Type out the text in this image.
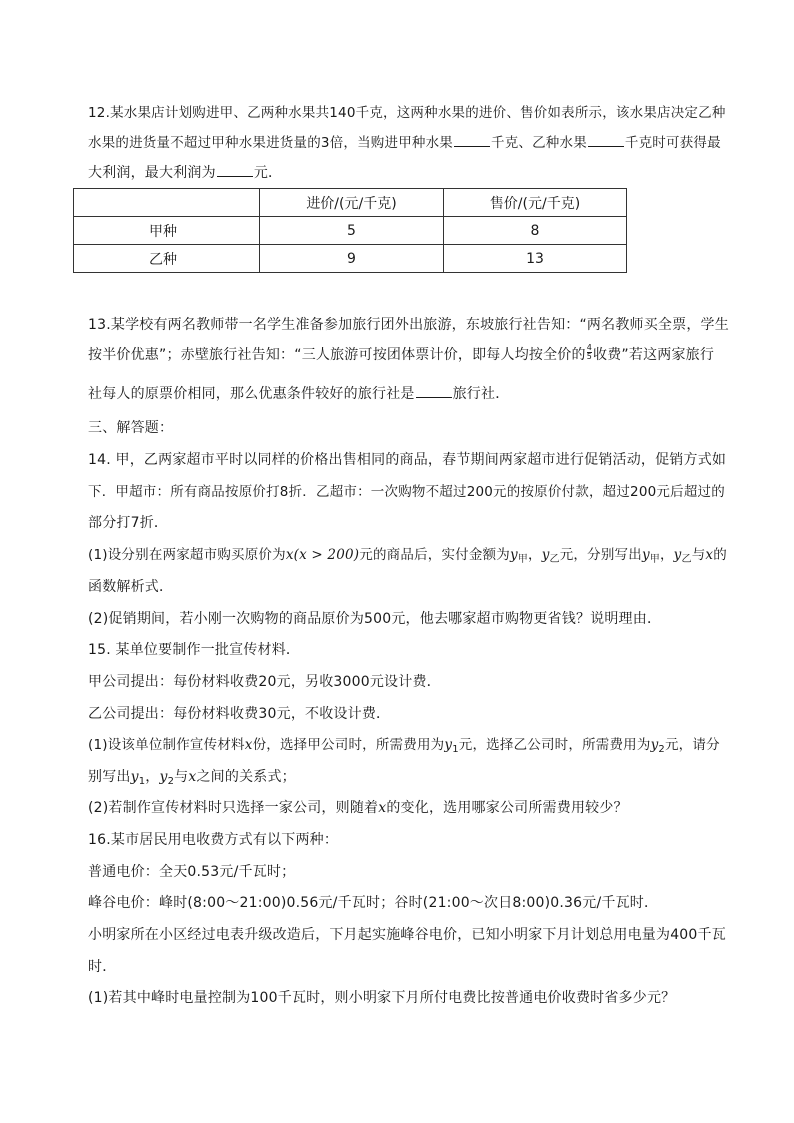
12.某水果店计划购进甲、乙两种水果共140千克，这两种水果的进价、售价如表所示，该水果店决定乙种
水果的进货量不超过甲种水果进货量的3倍，当购进甲种水果	千克、乙种水果	千克时可获得最
大利润，最大利润为	元．
	进价/(元/千克)	售价/(元/千克)
甲种	5	8
乙种	9	13
13.某学校有两名教师带一名学生准备参加旅行团外出旅游，东坡旅行社告知：“两名教师买全票，学生
按半价优惠”；赤壁旅行社告知：“三人旅游可按团体票计价，即每人均按全价的 $\frac{4}{5}$ 收费”若这两家旅行
社每人的原票价相同，那么优惠条件较好的旅行社是	旅行社．
三、解答题：
14. 甲，乙两家超市平时以同样的价格出售相同的商品，春节期间两家超市进行促销活动，促销方式如
下．甲超市：所有商品按原价打8折．乙超市：一次购物不超过200元的按原价付款，超过200元后超过的
部分打7折．
(1)设分别在两家超市购买原价为x(x > 200)元的商品后，实付金额为$y_甲$，$y_乙$元，分别写出$y_甲$，$y_乙$与x的
函数解析式．
(2)促销期间，若小刚一次购物的商品原价为500元，他去哪家超市购物更省钱？说明理由．
15. 某单位要制作一批宣传材料．
甲公司提出：每份材料收费20元，另收3000元设计费．
乙公司提出：每份材料收费30元，不收设计费．
(1)设该单位制作宣传材料x份，选择甲公司时，所需费用为$y_1$元，选择乙公司时，所需费用为$y_2$元，请分
别写出$y_1$，$y_2$与x之间的关系式；
(2)若制作宣传材料时只选择一家公司，则随着x的变化，选用哪家公司所需费用较少？
16.某市居民用电收费方式有以下两种：
普通电价：全天0.53元/千瓦时；
峰谷电价：峰时(8:00～21:00)0.56元/千瓦时；谷时(21:00～次日8:00)0.36元/千瓦时．
小明家所在小区经过电表升级改造后，下月起实施峰谷电价，已知小明家下月计划总用电量为400千瓦
时．
(1)若其中峰时电量控制为100千瓦时，则小明家下月所付电费比按普通电价收费时省多少元？
